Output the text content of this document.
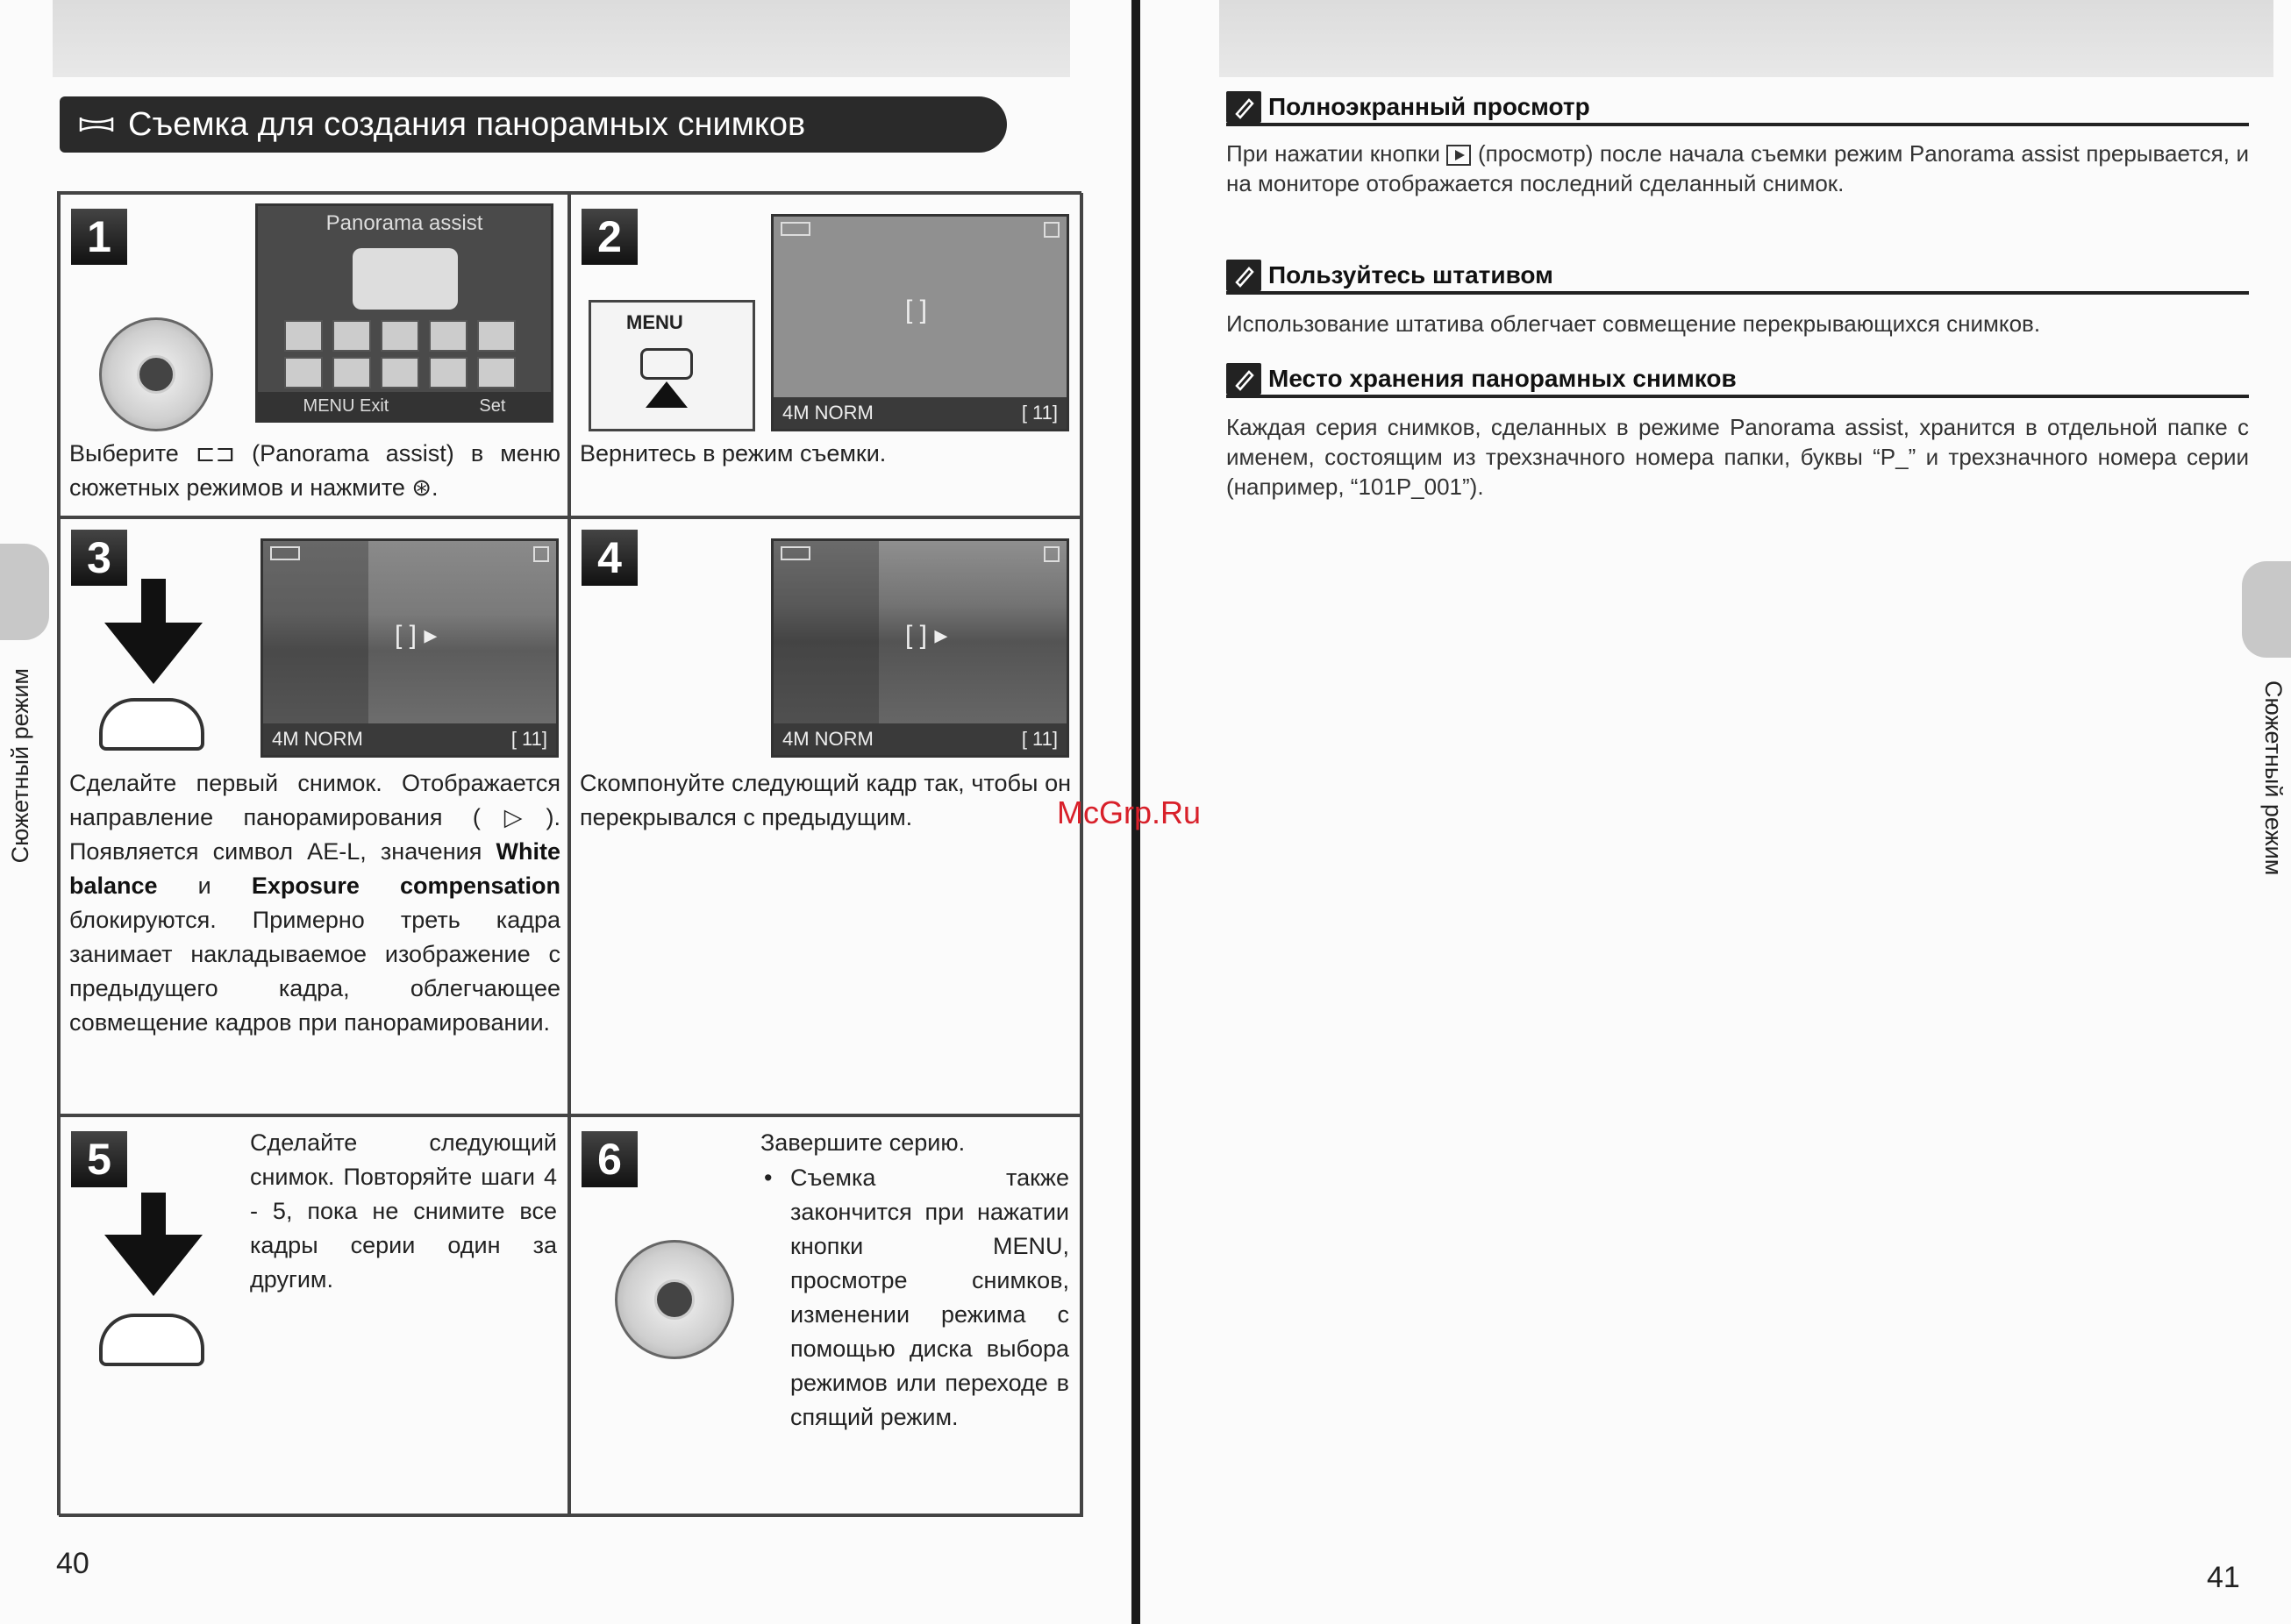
Съемка для создания панорамных снимков
1	Panorama assist
MENU Exit	Set
Выберите ⊏⊐ (Panorama assist) в меню сюжетных режимов и нажмите ⊛.
2
MENU	[ ]
4M NORM	[ 11]
Вернитесь в режим съемки.
3
[ ] ▸
4M NORM	[ 11]
Сделайте первый снимок. Отображается направление панорамирования (▷). Появляется символ AE-L, значения White balance и Exposure compensation блокируются. Примерно треть кадра занимает накладываемое изображение с предыдущего кадра, облегчающее совмещение кадров при панорамировании.
4
[ ] ▸
4M NORM	[ 11]
Скомпонуйте следующий кадр так, чтобы он перекрывался с предыдущим.
5	Сделайте следующий снимок. Повторяйте шаги 4 - 5, пока не снимите все кадры серии один за другим.
6	Завершите серию.
• Съемка также закончится при нажатии кнопки MENU, просмотре снимков, изменении режима с помощью диска выбора режимов или переходе в спящий режим.
Сюжетный режим
40
Сюжетный режим
41
Полноэкранный просмотр
При нажатии кнопки (просмотр) после начала съемки режим Panorama assist прерывается, и на мониторе отображается последний сделанный снимок.
Пользуйтесь штативом
Использование штатива облегчает совмещение перекрывающихся снимков.
Место хранения панорамных снимков
Каждая серия снимков, сделанных в режиме Panorama assist, хранится в отдельной папке с именем, состоящим из трехзначного номера папки, буквы “P_” и трехзначного номера серии (например, “101P_001”).
McGrp.Ru
